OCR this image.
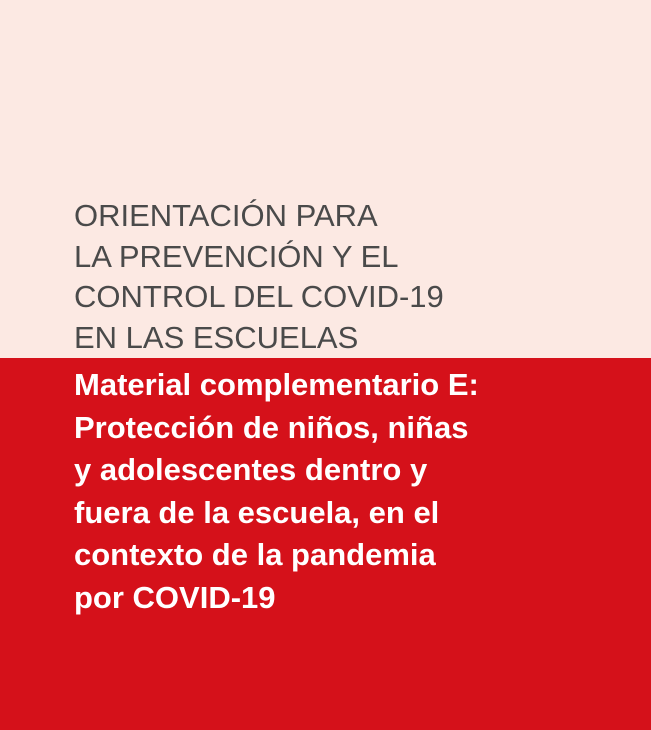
ORIENTACIÓN PARA
LA PREVENCIÓN Y EL
CONTROL DEL COVID-19
EN LAS ESCUELAS
Material complementario E:
Protección de niños, niñas
y adolescentes dentro y
fuera de la escuela, en el
contexto de la pandemia
por COVID-19
